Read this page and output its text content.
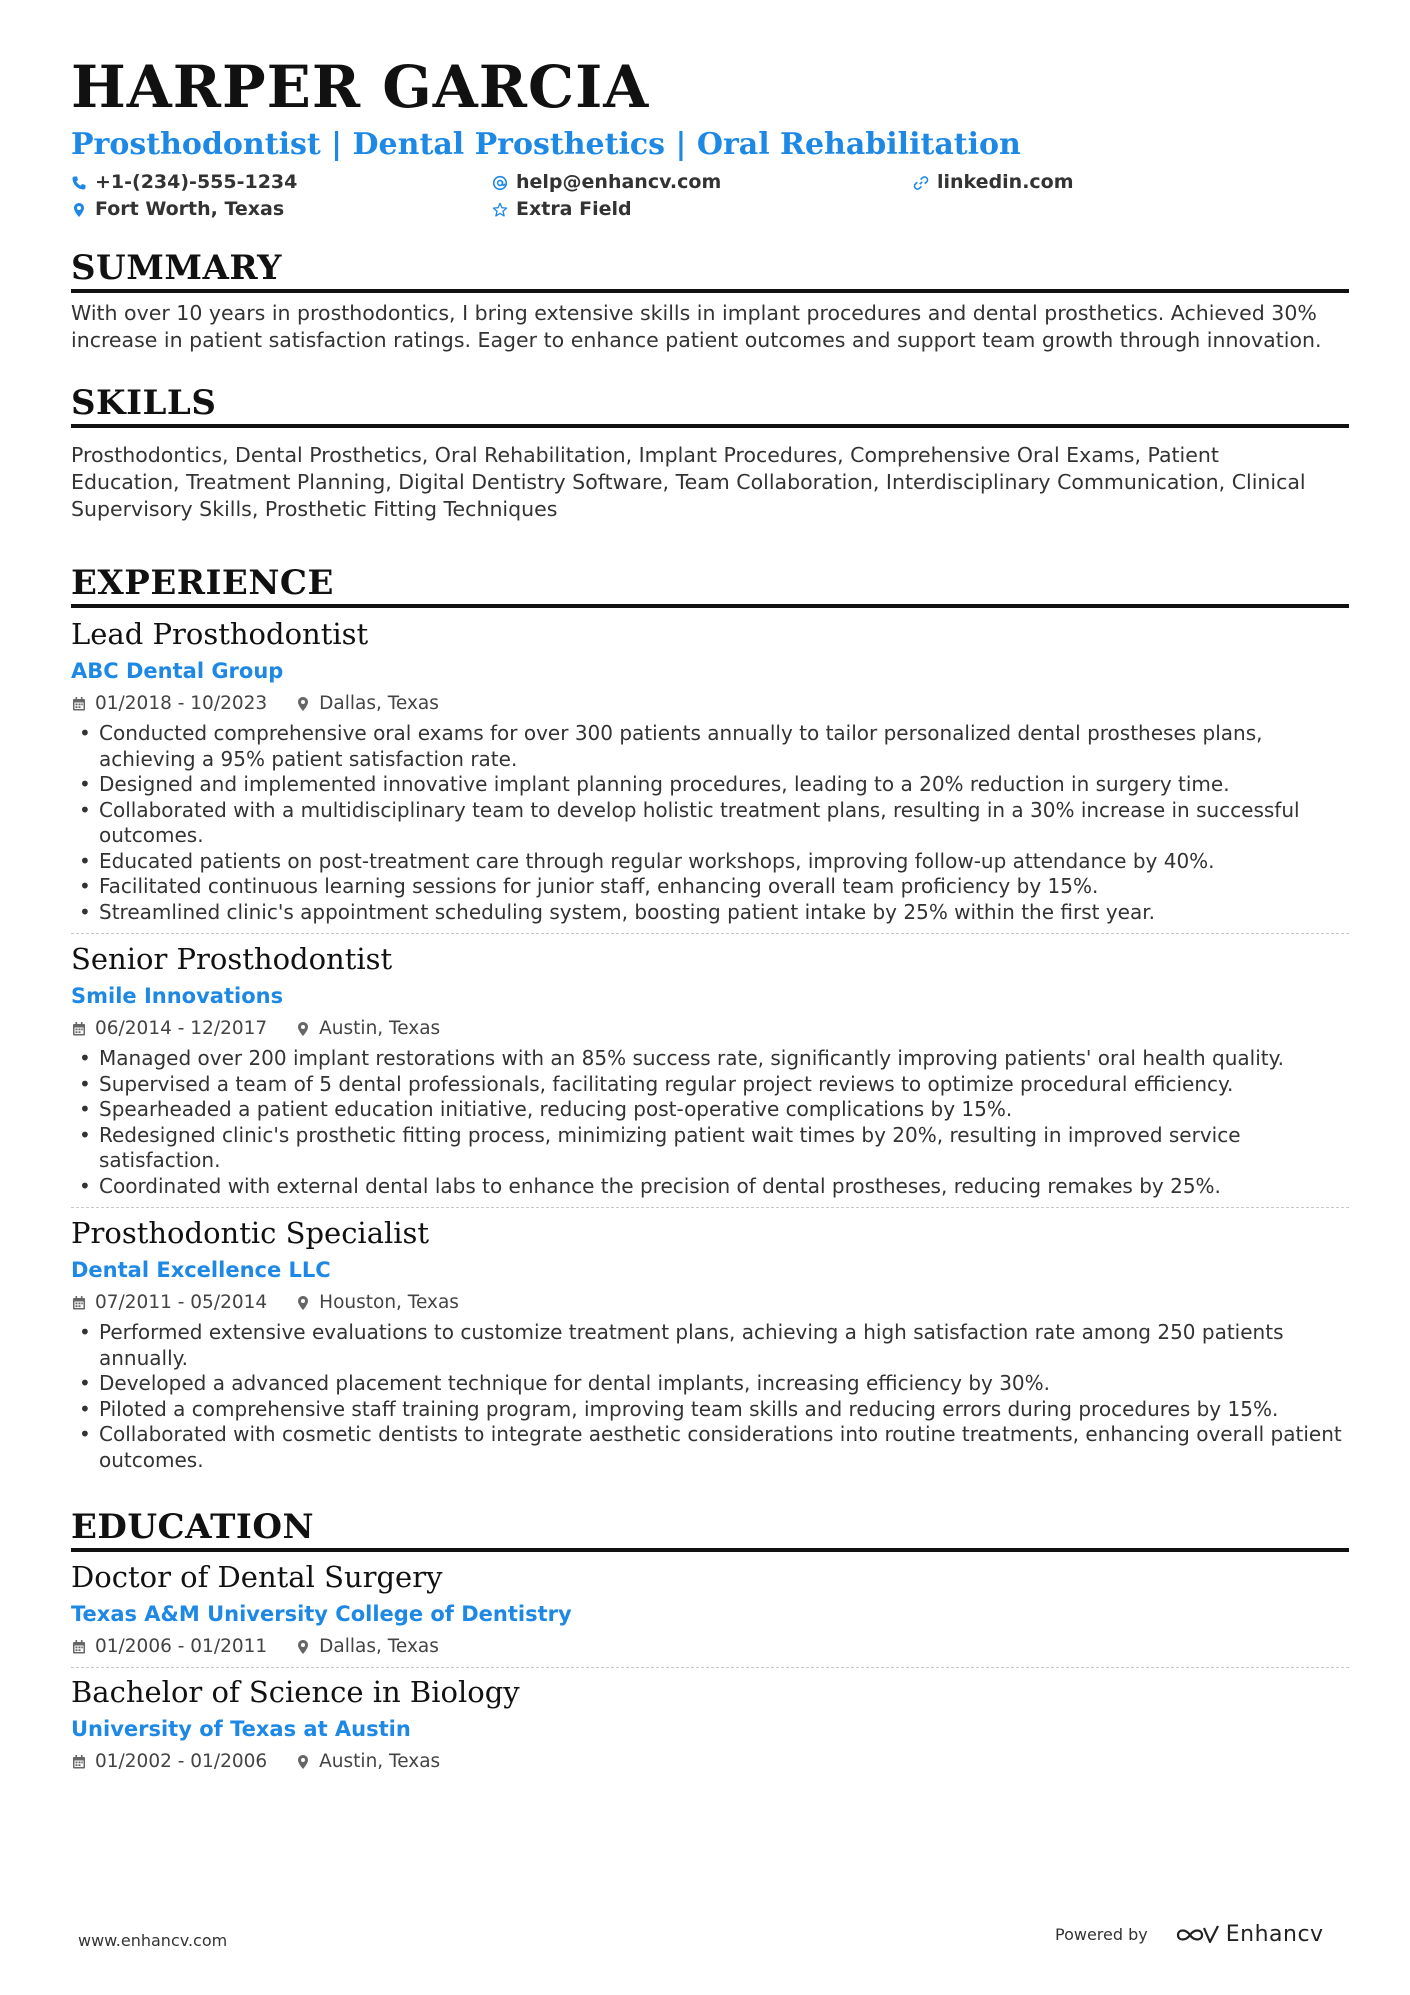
HARPER GARCIA
Prosthodontist | Dental Prosthetics | Oral Rehabilitation
+1-(234)-555-1234	help@enhancv.com	linkedin.com
Fort Worth, Texas	Extra Field
SUMMARY
With over 10 years in prosthodontics, I bring extensive skills in implant procedures and dental prosthetics. Achieved 30% increase in patient satisfaction ratings. Eager to enhance patient outcomes and support team growth through innovation.
SKILLS
Prosthodontics, Dental Prosthetics, Oral Rehabilitation, Implant Procedures, Comprehensive Oral Exams, Patient Education, Treatment Planning, Digital Dentistry Software, Team Collaboration, Interdisciplinary Communication, Clinical Supervisory Skills, Prosthetic Fitting Techniques
EXPERIENCE
Lead Prosthodontist
ABC Dental Group
01/2018 - 10/2023	Dallas, Texas
• Conducted comprehensive oral exams for over 300 patients annually to tailor personalized dental prostheses plans, achieving a 95% patient satisfaction rate.
• Designed and implemented innovative implant planning procedures, leading to a 20% reduction in surgery time.
• Collaborated with a multidisciplinary team to develop holistic treatment plans, resulting in a 30% increase in successful outcomes.
• Educated patients on post-treatment care through regular workshops, improving follow-up attendance by 40%.
• Facilitated continuous learning sessions for junior staff, enhancing overall team proficiency by 15%.
• Streamlined clinic's appointment scheduling system, boosting patient intake by 25% within the first year.
Senior Prosthodontist
Smile Innovations
06/2014 - 12/2017	Austin, Texas
• Managed over 200 implant restorations with an 85% success rate, significantly improving patients' oral health quality.
• Supervised a team of 5 dental professionals, facilitating regular project reviews to optimize procedural efficiency.
• Spearheaded a patient education initiative, reducing post-operative complications by 15%.
• Redesigned clinic's prosthetic fitting process, minimizing patient wait times by 20%, resulting in improved service satisfaction.
• Coordinated with external dental labs to enhance the precision of dental prostheses, reducing remakes by 25%.
Prosthodontic Specialist
Dental Excellence LLC
07/2011 - 05/2014	Houston, Texas
• Performed extensive evaluations to customize treatment plans, achieving a high satisfaction rate among 250 patients annually.
• Developed a advanced placement technique for dental implants, increasing efficiency by 30%.
• Piloted a comprehensive staff training program, improving team skills and reducing errors during procedures by 15%.
• Collaborated with cosmetic dentists to integrate aesthetic considerations into routine treatments, enhancing overall patient outcomes.
EDUCATION
Doctor of Dental Surgery
Texas A&M University College of Dentistry
01/2006 - 01/2011	Dallas, Texas
Bachelor of Science in Biology
University of Texas at Austin
01/2002 - 01/2006	Austin, Texas
www.enhancv.com	Powered by	Enhancv
